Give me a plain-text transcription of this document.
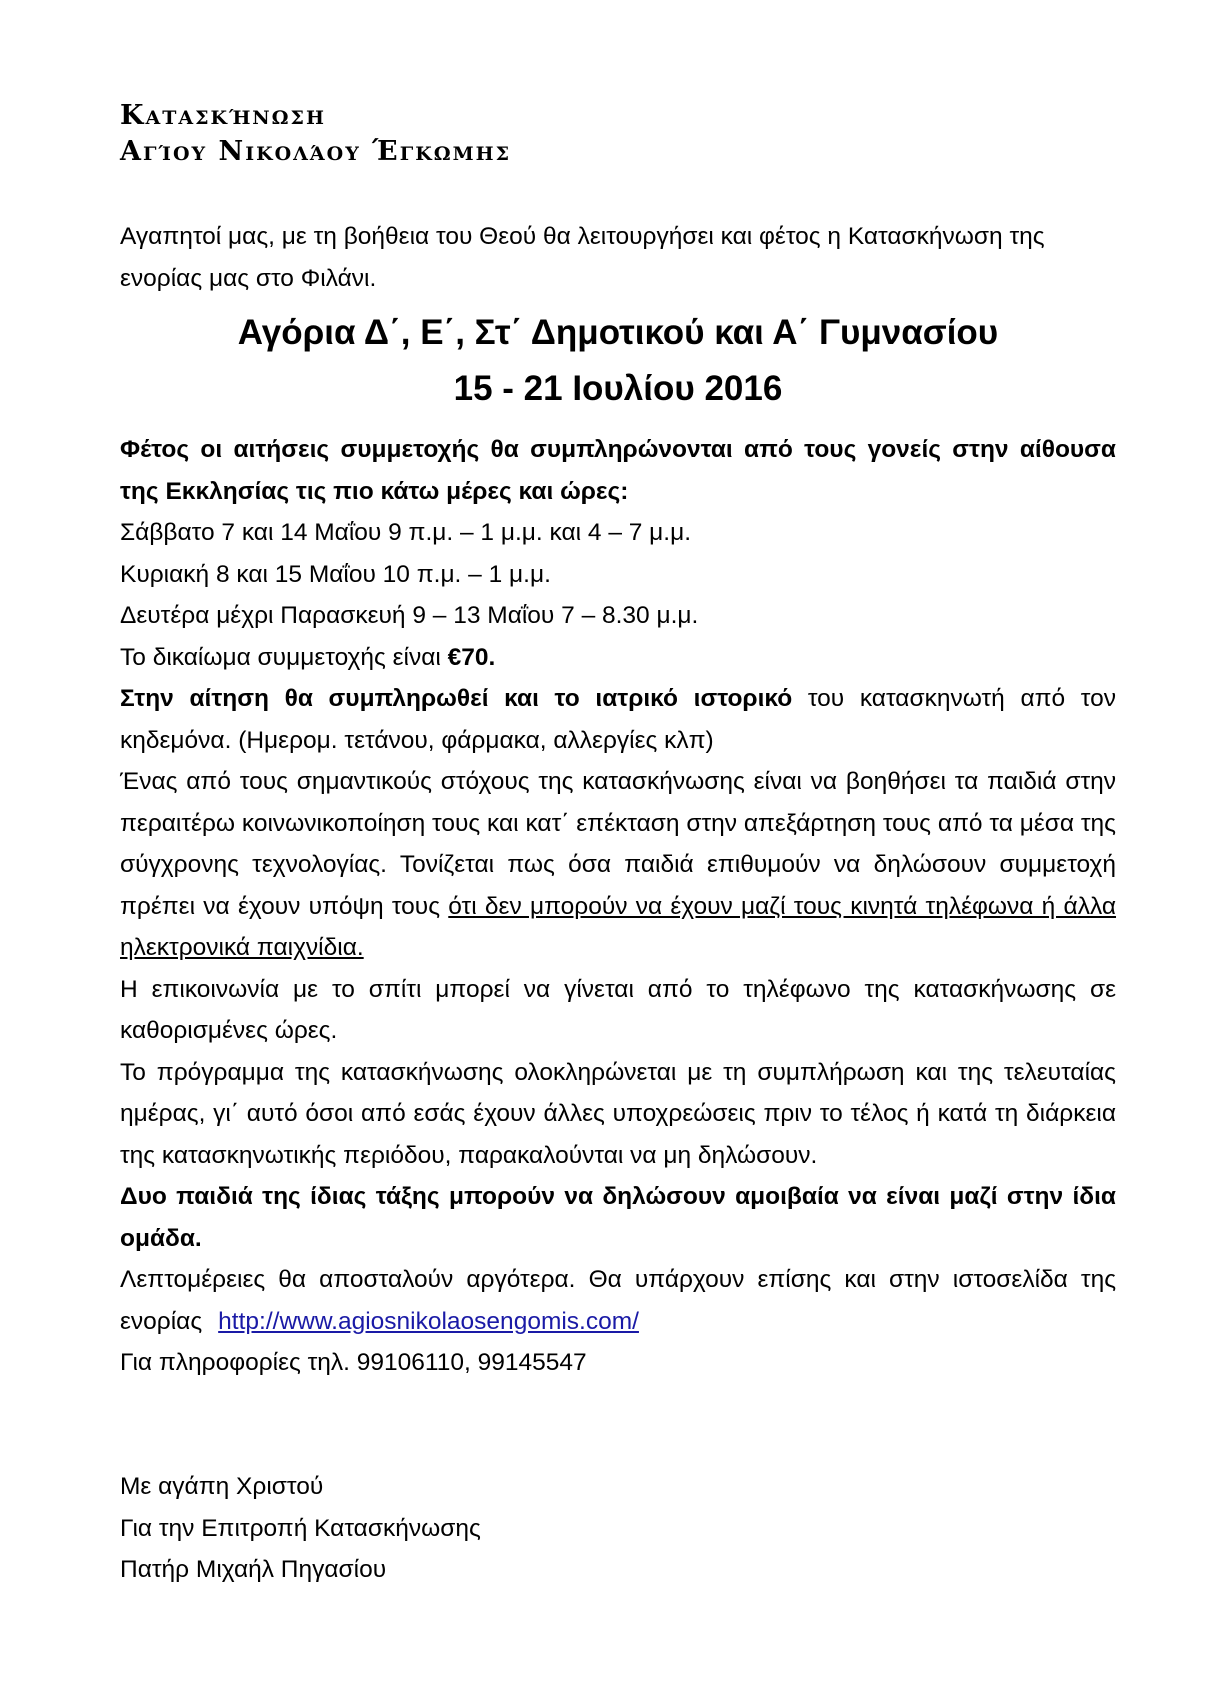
Κατασκήνωση
Αγίου Νικολάου Έγκωμης
Αγαπητοί μας, με τη βοήθεια του Θεού θα λειτουργήσει και φέτος η Κατασκήνωση της ενορίας μας στο Φιλάνι.
Αγόρια Δ΄, Ε΄, Στ΄ Δημοτικού και Α΄ Γυμνασίου
15 - 21 Ιουλίου 2016
Φέτος οι αιτήσεις συμμετοχής θα συμπληρώνονται από τους γονείς στην αίθουσα της Εκκλησίας τις πιο κάτω μέρες και ώρες:
Σάββατο 7 και 14 Μαΐου 9 π.μ. – 1 μ.μ. και 4 – 7 μ.μ.
Κυριακή 8 και 15 Μαΐου 10 π.μ. – 1 μ.μ.
Δευτέρα μέχρι Παρασκευή 9 – 13 Μαΐου 7 – 8.30 μ.μ.
Το δικαίωμα συμμετοχής είναι €70.
Στην αίτηση θα συμπληρωθεί και το ιατρικό ιστορικό του κατασκηνωτή από τον κηδεμόνα. (Ημερομ. τετάνου, φάρμακα, αλλεργίες κλπ)
Ένας από τους σημαντικούς στόχους της κατασκήνωσης είναι να βοηθήσει τα παιδιά στην περαιτέρω κοινωνικοποίηση τους και κατ΄ επέκταση στην απεξάρτηση τους από τα μέσα της σύγχρονης τεχνολογίας. Τονίζεται πως όσα παιδιά επιθυμούν να δηλώσουν συμμετοχή πρέπει να έχουν υπόψη τους ότι δεν μπορούν να έχουν μαζί τους κινητά τηλέφωνα ή άλλα ηλεκτρονικά παιχνίδια.
Η επικοινωνία με το σπίτι μπορεί να γίνεται από το τηλέφωνο της κατασκήνωσης σε καθορισμένες ώρες.
Το πρόγραμμα της κατασκήνωσης ολοκληρώνεται με τη συμπλήρωση και της τελευταίας ημέρας, γι΄ αυτό όσοι από εσάς έχουν άλλες υποχρεώσεις πριν το τέλος ή κατά τη διάρκεια της κατασκηνωτικής περιόδου, παρακαλούνται να μη δηλώσουν.
Δυο παιδιά της ίδιας τάξης μπορούν να δηλώσουν αμοιβαία να είναι μαζί στην ίδια ομάδα.
Λεπτομέρειες θα αποσταλούν αργότερα. Θα υπάρχουν επίσης και στην ιστοσελίδα της ενορίας http://www.agiosnikolaosengomis.com/
Για πληροφορίες τηλ. 99106110, 99145547
Με αγάπη Χριστού
Για την Επιτροπή Κατασκήνωσης
Πατήρ Μιχαήλ Πηγασίου
